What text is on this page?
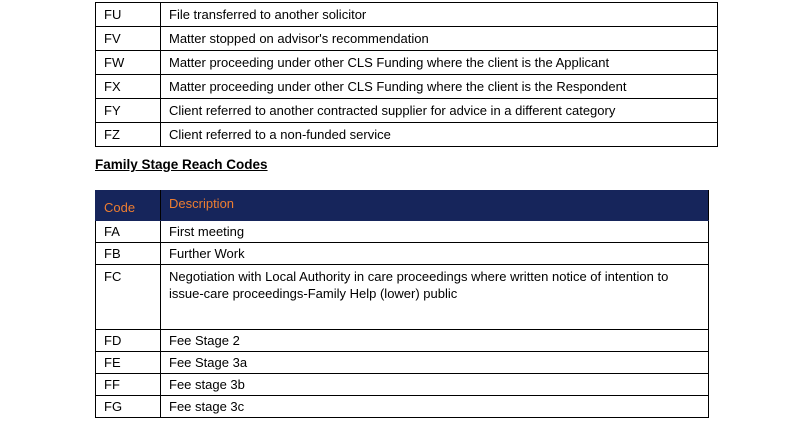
FU	File transferred to another solicitor
FV	Matter stopped on advisor's recommendation
FW	Matter proceeding under other CLS Funding where the client is the Applicant
FX	Matter proceeding under other CLS Funding where the client is the Respondent
FY	Client referred to another contracted supplier for advice in a different category
FZ	Client referred to a non-funded service
Family Stage Reach Codes
Code	Description
FA	First meeting
FB	Further Work
FC	Negotiation with Local Authority in care proceedings where written notice of intention to issue-care proceedings-Family Help (lower) public
FD	Fee Stage 2
FE	Fee Stage 3a
FF	Fee stage 3b
FG	Fee stage 3c
